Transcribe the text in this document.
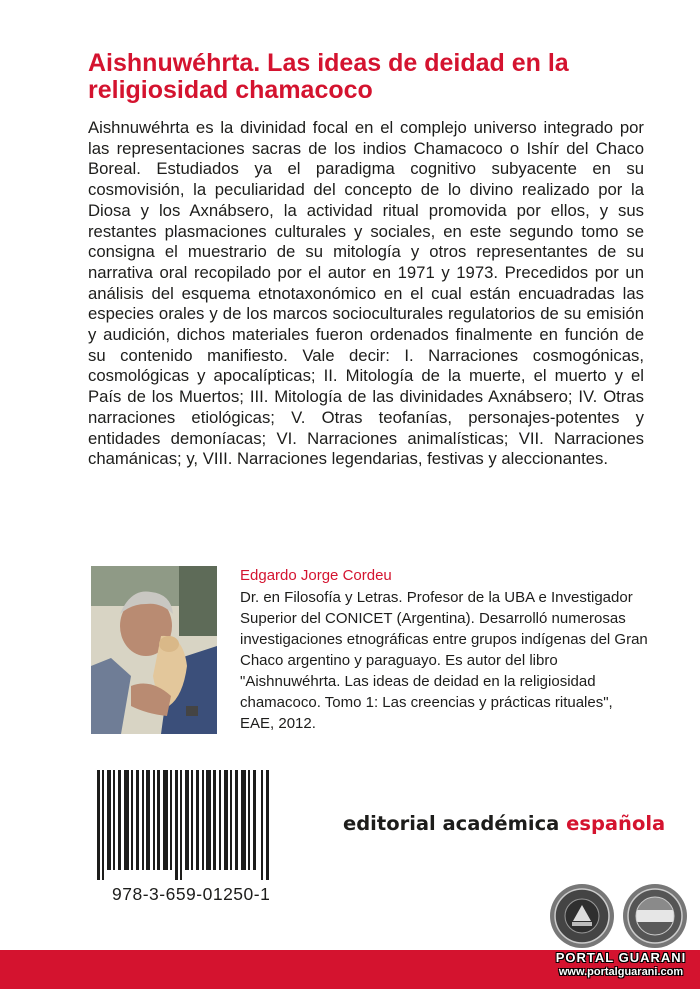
Aishnuwéhrta. Las ideas de deidad en la religiosidad chamacoco
Aishnuwéhrta es la divinidad focal en el complejo universo integrado por las representaciones sacras de los indios Chamacoco o Ishír del Chaco Boreal. Estudiados ya el paradigma cognitivo subyacente en su cosmovisión, la peculiaridad del concepto de lo divino realizado por la Diosa y los Axnábsero, la actividad ritual promovida por ellos, y sus restantes plasmaciones culturales y sociales, en este segundo tomo se consigna el muestrario de su mitología y otros representantes de su narrativa oral recopilado por el autor en 1971 y 1973. Precedidos por un análisis del esquema etnotaxonómico en el cual están encuadradas las especies orales y de los marcos socioculturales regulatorios de su emisión y audición, dichos materiales fueron ordenados finalmente en función de su contenido manifiesto. Vale decir: I. Narraciones cosmogónicas, cosmológicas y apocalípticas; II. Mitología de la muerte, el muerto y el País de los Muertos; III. Mitología de las divinidades Axnábsero; IV. Otras narraciones etiológicas; V. Otras teofanías, personajes-potentes y entidades demoníacas; VI. Narraciones animalísticas; VII. Narraciones chamánicas; y, VIII. Narraciones legendarias, festivas y aleccionantes.
Edgardo Jorge Cordeu
Dr. en Filosofía y Letras. Profesor de la UBA e Investigador Superior del CONICET (Argentina). Desarrolló numerosas investigaciones etnográficas entre grupos indígenas del Gran Chaco argentino y paraguayo. Es autor del libro "Aishnuwéhrta. Las ideas de deidad en la religiosidad chamacoco. Tomo 1: Las creencias y prácticas rituales", EAE, 2012.
978-3-659-01250-1
editorial académica española
PORTAL GUARANI
www.portalguarani.com
